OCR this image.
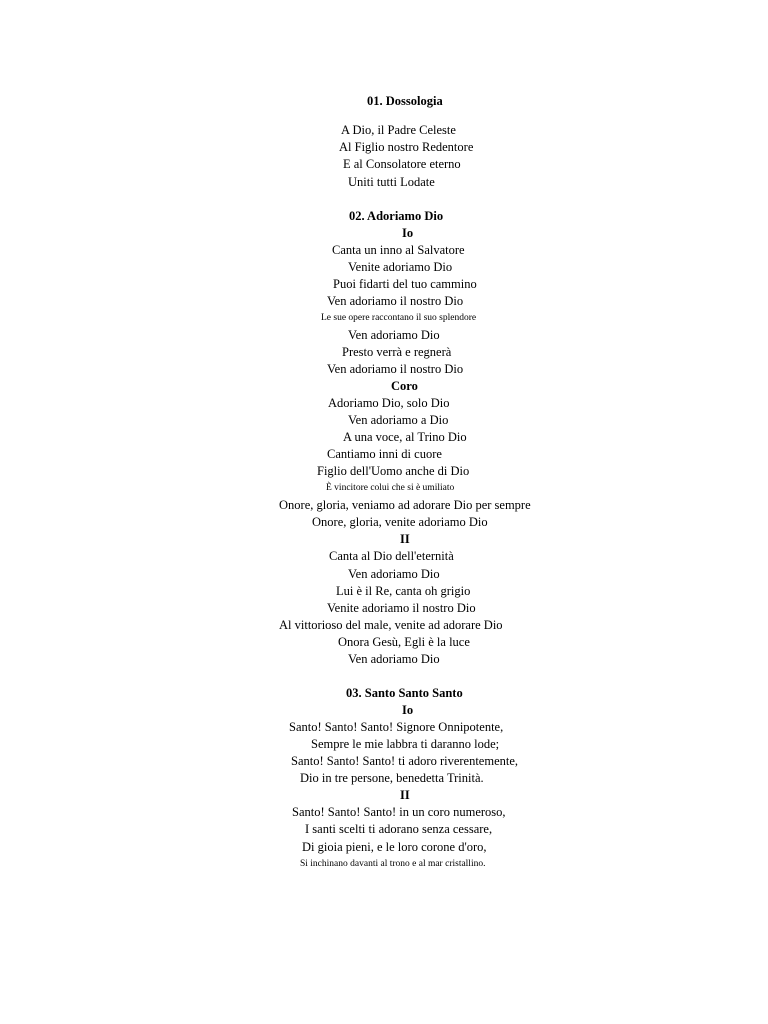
01. Dossologia
A Dio, il Padre Celeste
Al Figlio nostro Redentore
E al Consolatore eterno
Uniti tutti Lodate
02. Adoriamo Dio
Io
Canta un inno al Salvatore
Venite adoriamo Dio
Puoi fidarti del tuo cammino
Ven adoriamo il nostro Dio
Le sue opere raccontano il suo splendore
Ven adoriamo Dio
Presto verrà e regnerà
Ven adoriamo il nostro Dio
Coro
Adoriamo Dio, solo Dio
Ven adoriamo a Dio
A una voce, al Trino Dio
Cantiamo inni di cuore
Figlio dell'Uomo anche di Dio
È vincitore colui che si è umiliato
Onore, gloria, veniamo ad adorare Dio per sempre
Onore, gloria, venite adoriamo Dio
II
Canta al Dio dell'eternità
Ven adoriamo Dio
Lui è il Re, canta oh grigio
Venite adoriamo il nostro Dio
Al vittorioso del male, venite ad adorare Dio
Onora Gesù, Egli è la luce
Ven adoriamo Dio
03. Santo Santo Santo
Io
Santo! Santo! Santo! Signore Onnipotente,
Sempre le mie labbra ti daranno lode;
Santo! Santo! Santo! ti adoro riverentemente,
Dio in tre persone, benedetta Trinità.
II
Santo! Santo! Santo! in un coro numeroso,
I santi scelti ti adorano senza cessare,
Di gioia pieni, e le loro corone d'oro,
Si inchinano davanti al trono e al mar cristallino.
